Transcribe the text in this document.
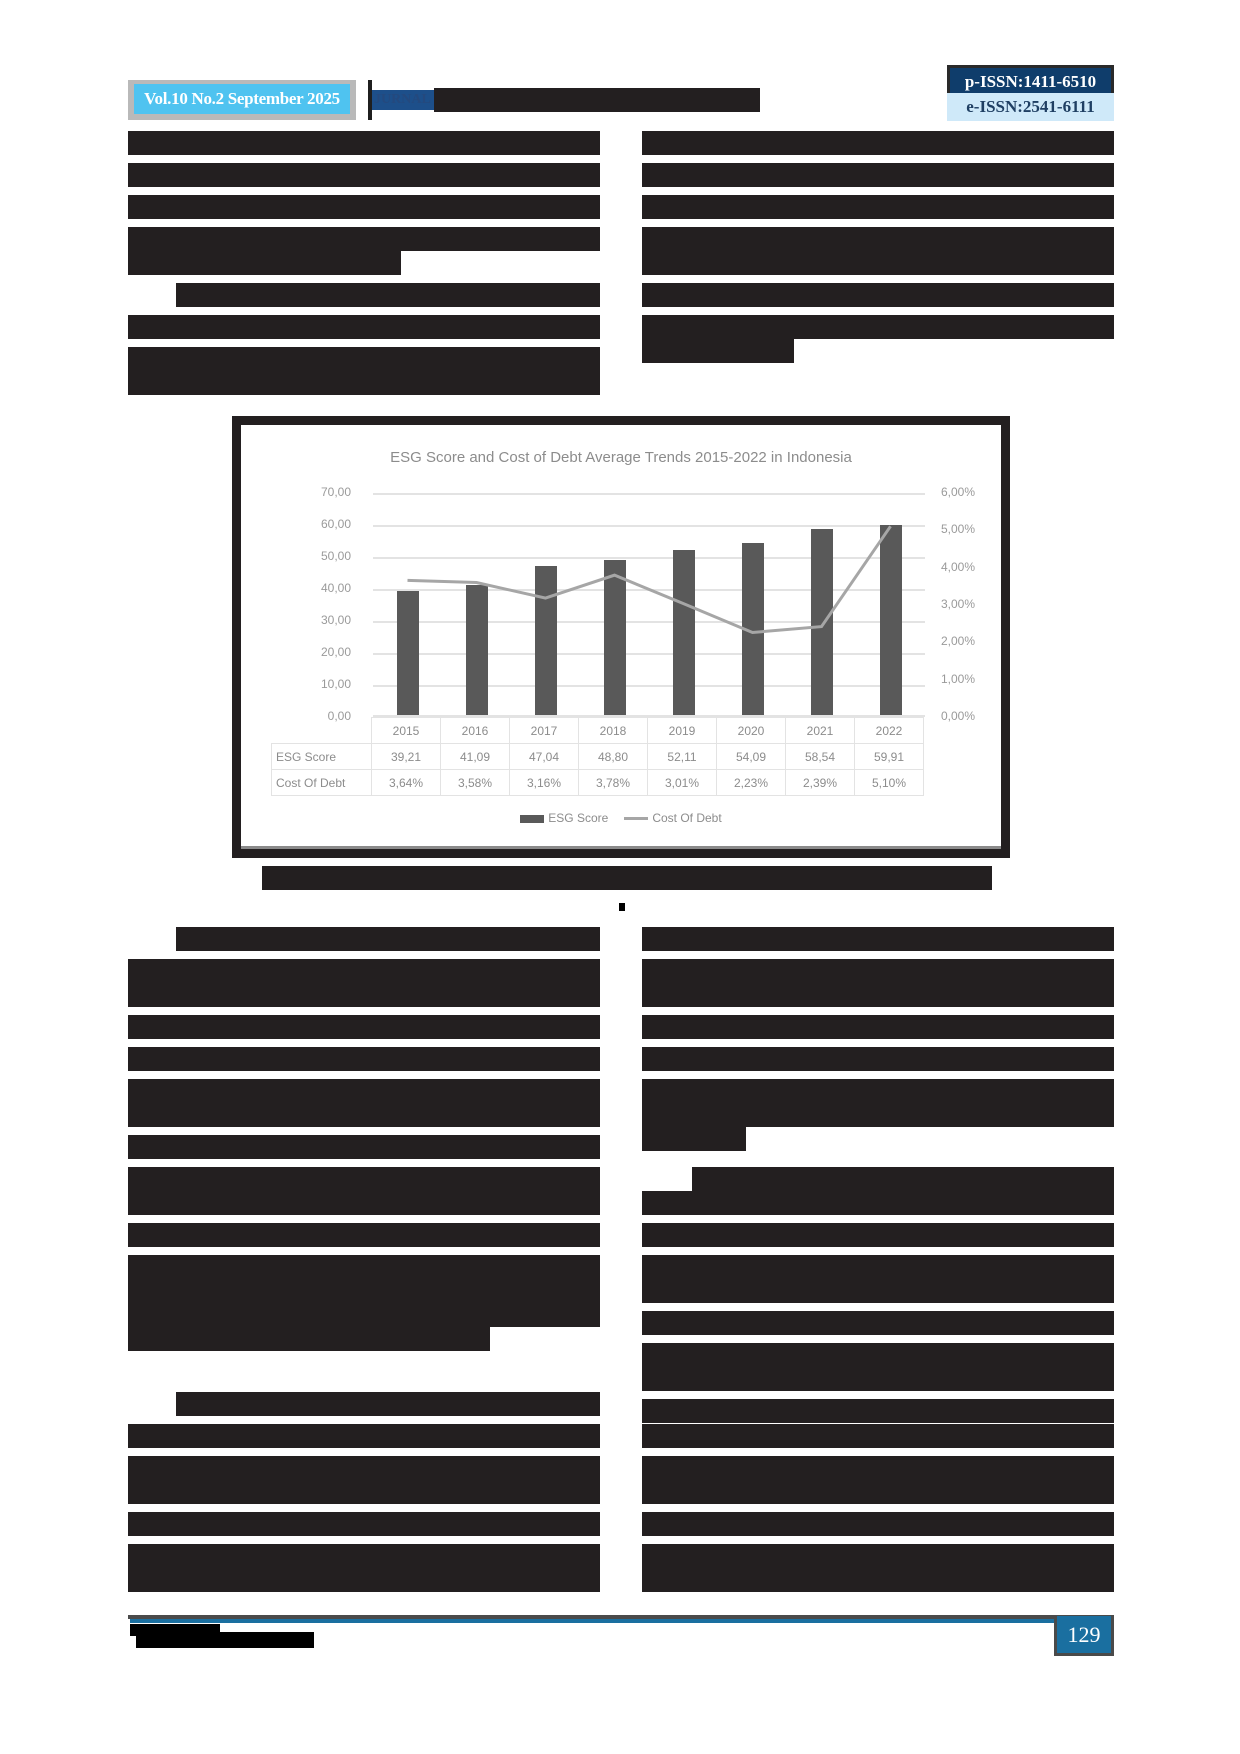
Vol.10 No.2 September 2025	JURNAL
p-ISSN:1411-6510
e-ISSN:2541-6111
ESG Score and Cost of Debt Average Trends 2015-2022 in Indonesia
70,00
60,00
50,00
40,00
30,00
20,00
10,00
0,00
6,00%
5,00%
4,00%
3,00%
2,00%
1,00%
0,00%
	2015	2016	2017	2018	2019	2020	2021	2022
ESG Score	39,21	41,09	47,04	48,80	52,11	54,09	58,54	59,91
Cost Of Debt	3,64%	3,58%	3,16%	3,78%	3,01%	2,23%	2,39%	5,10%
ESG Score	Cost Of Debt
129
